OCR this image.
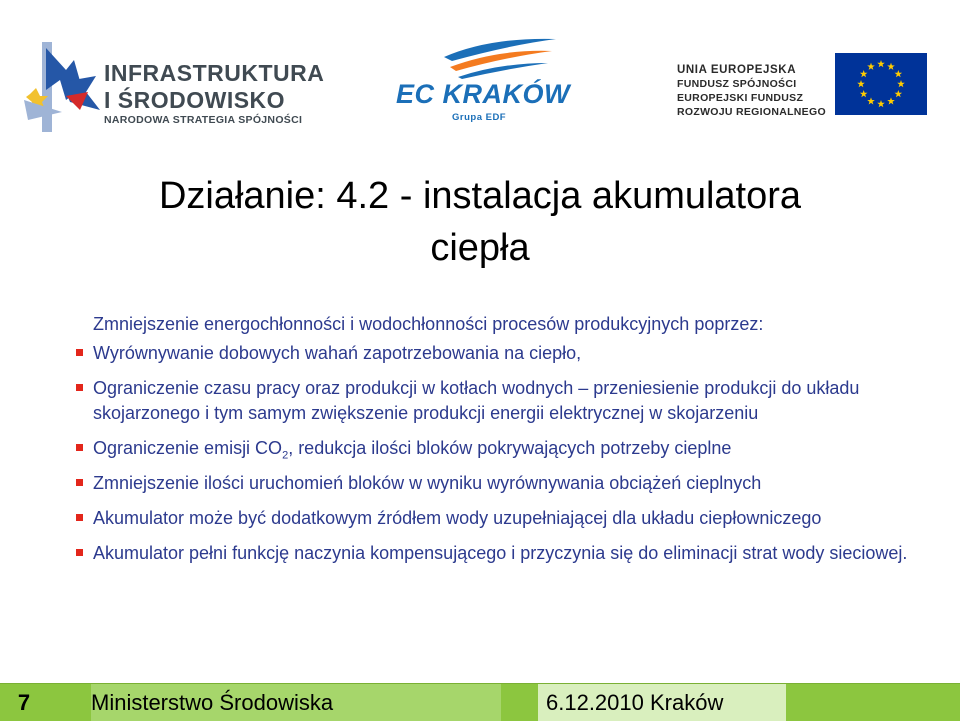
INFRASTRUKTURA
I ŚRODOWISKO
NARODOWA STRATEGIA SPÓJNOŚCI
EC KRAKÓW
Grupa EDF
UNIA EUROPEJSKA
FUNDUSZ SPÓJNOŚCI
EUROPEJSKI FUNDUSZ
ROZWOJU REGIONALNEGO
Działanie: 4.2 - instalacja akumulatora
ciepła

Zmniejszenie energochłonności i wodochłonności procesów produkcyjnych poprzez:

Wyrównywanie dobowych wahań zapotrzebowania na ciepło,
Ograniczenie czasu pracy oraz produkcji w kotłach wodnych – przeniesienie produkcji do układu skojarzonego i tym samym zwiększenie produkcji energii elektrycznej w skojarzeniu
Ograniczenie emisji $CO_2$, redukcja ilości bloków pokrywających potrzeby cieplne
Zmniejszenie ilości uruchomień bloków w wyniku wyrównywania obciążeń cieplnych
Akumulator może być dodatkowym źródłem wody uzupełniającej dla układu ciepłowniczego
Akumulator pełni funkcję naczynia kompensującego i przyczynia się do eliminacji strat wody sieciowej.
7	Ministerstwo Środowiska	6.12.2010 Kraków
